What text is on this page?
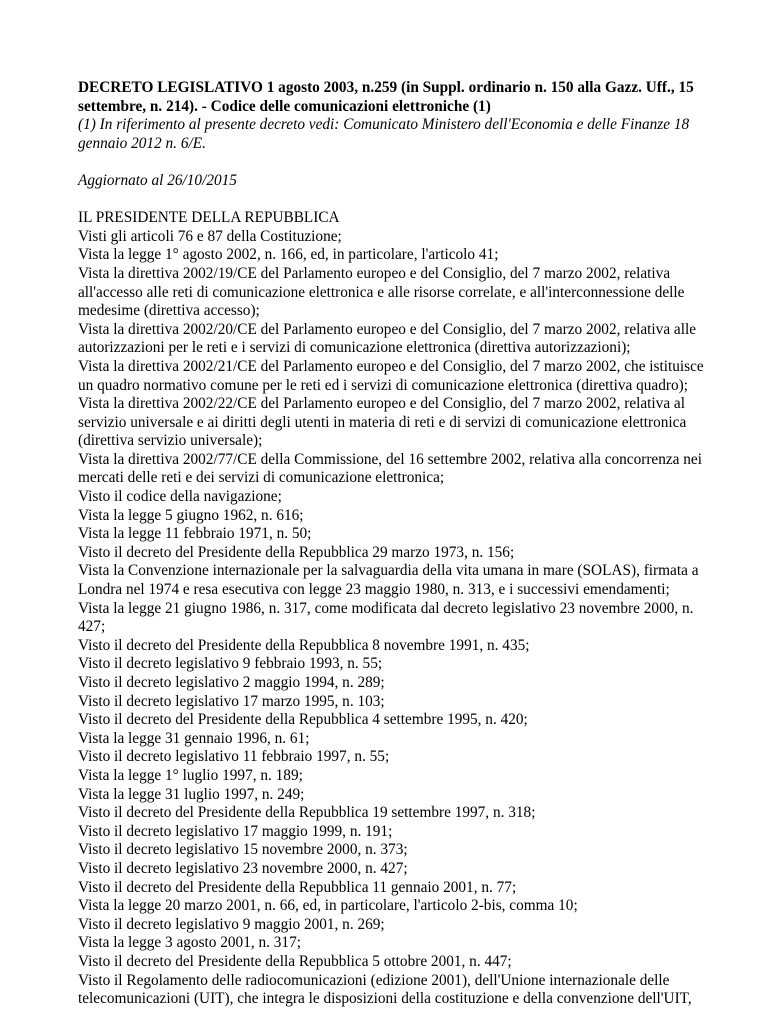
DECRETO LEGISLATIVO 1 agosto 2003, n.259 (in Suppl. ordinario n. 150 alla Gazz. Uff., 15 settembre, n. 214). - Codice delle comunicazioni elettroniche (1)

(1) In riferimento al presente decreto vedi: Comunicato Ministero dell'Economia e delle Finanze 18 gennaio 2012 n. 6/E.

Aggiornato al 26/10/2015

IL PRESIDENTE DELLA REPUBBLICA

Visti gli articoli 76 e 87 della Costituzione;
Vista la legge 1° agosto 2002, n. 166, ed, in particolare, l'articolo 41;
Vista la direttiva 2002/19/CE del Parlamento europeo e del Consiglio, del 7 marzo 2002, relativa all'accesso alle reti di comunicazione elettronica e alle risorse correlate, e all'interconnessione delle medesime (direttiva accesso);
Vista la direttiva 2002/20/CE del Parlamento europeo e del Consiglio, del 7 marzo 2002, relativa alle autorizzazioni per le reti e i servizi di comunicazione elettronica (direttiva autorizzazioni);
Vista la direttiva 2002/21/CE del Parlamento europeo e del Consiglio, del 7 marzo 2002, che istituisce un quadro normativo comune per le reti ed i servizi di comunicazione elettronica (direttiva quadro);
Vista la direttiva 2002/22/CE del Parlamento europeo e del Consiglio, del 7 marzo 2002, relativa al servizio universale e ai diritti degli utenti in materia di reti e di servizi di comunicazione elettronica (direttiva servizio universale);
Vista la direttiva 2002/77/CE della Commissione, del 16 settembre 2002, relativa alla concorrenza nei mercati delle reti e dei servizi di comunicazione elettronica;
Visto il codice della navigazione;
Vista la legge 5 giugno 1962, n. 616;
Vista la legge 11 febbraio 1971, n. 50;
Visto il decreto del Presidente della Repubblica 29 marzo 1973, n. 156;
Vista la Convenzione internazionale per la salvaguardia della vita umana in mare (SOLAS), firmata a Londra nel 1974 e resa esecutiva con legge 23 maggio 1980, n. 313, e i successivi emendamenti;
Vista la legge 21 giugno 1986, n. 317, come modificata dal decreto legislativo 23 novembre 2000, n. 427;
Visto il decreto del Presidente della Repubblica 8 novembre 1991, n. 435;
Visto il decreto legislativo 9 febbraio 1993, n. 55;
Visto il decreto legislativo 2 maggio 1994, n. 289;
Visto il decreto legislativo 17 marzo 1995, n. 103;
Visto il decreto del Presidente della Repubblica 4 settembre 1995, n. 420;
Vista la legge 31 gennaio 1996, n. 61;
Visto il decreto legislativo 11 febbraio 1997, n. 55;
Vista la legge 1° luglio 1997, n. 189;
Vista la legge 31 luglio 1997, n. 249;
Visto il decreto del Presidente della Repubblica 19 settembre 1997, n. 318;
Visto il decreto legislativo 17 maggio 1999, n. 191;
Visto il decreto legislativo 15 novembre 2000, n. 373;
Visto il decreto legislativo 23 novembre 2000, n. 427;
Visto il decreto del Presidente della Repubblica 11 gennaio 2001, n. 77;
Vista la legge 20 marzo 2001, n. 66, ed, in particolare, l'articolo 2-bis, comma 10;
Visto il decreto legislativo 9 maggio 2001, n. 269;
Vista la legge 3 agosto 2001, n. 317;
Visto il decreto del Presidente della Repubblica 5 ottobre 2001, n. 447;
Visto il Regolamento delle radiocomunicazioni (edizione 2001), dell'Unione internazionale delle telecomunicazioni (UIT), che integra le disposizioni della costituzione e della convenzione dell'UIT,
